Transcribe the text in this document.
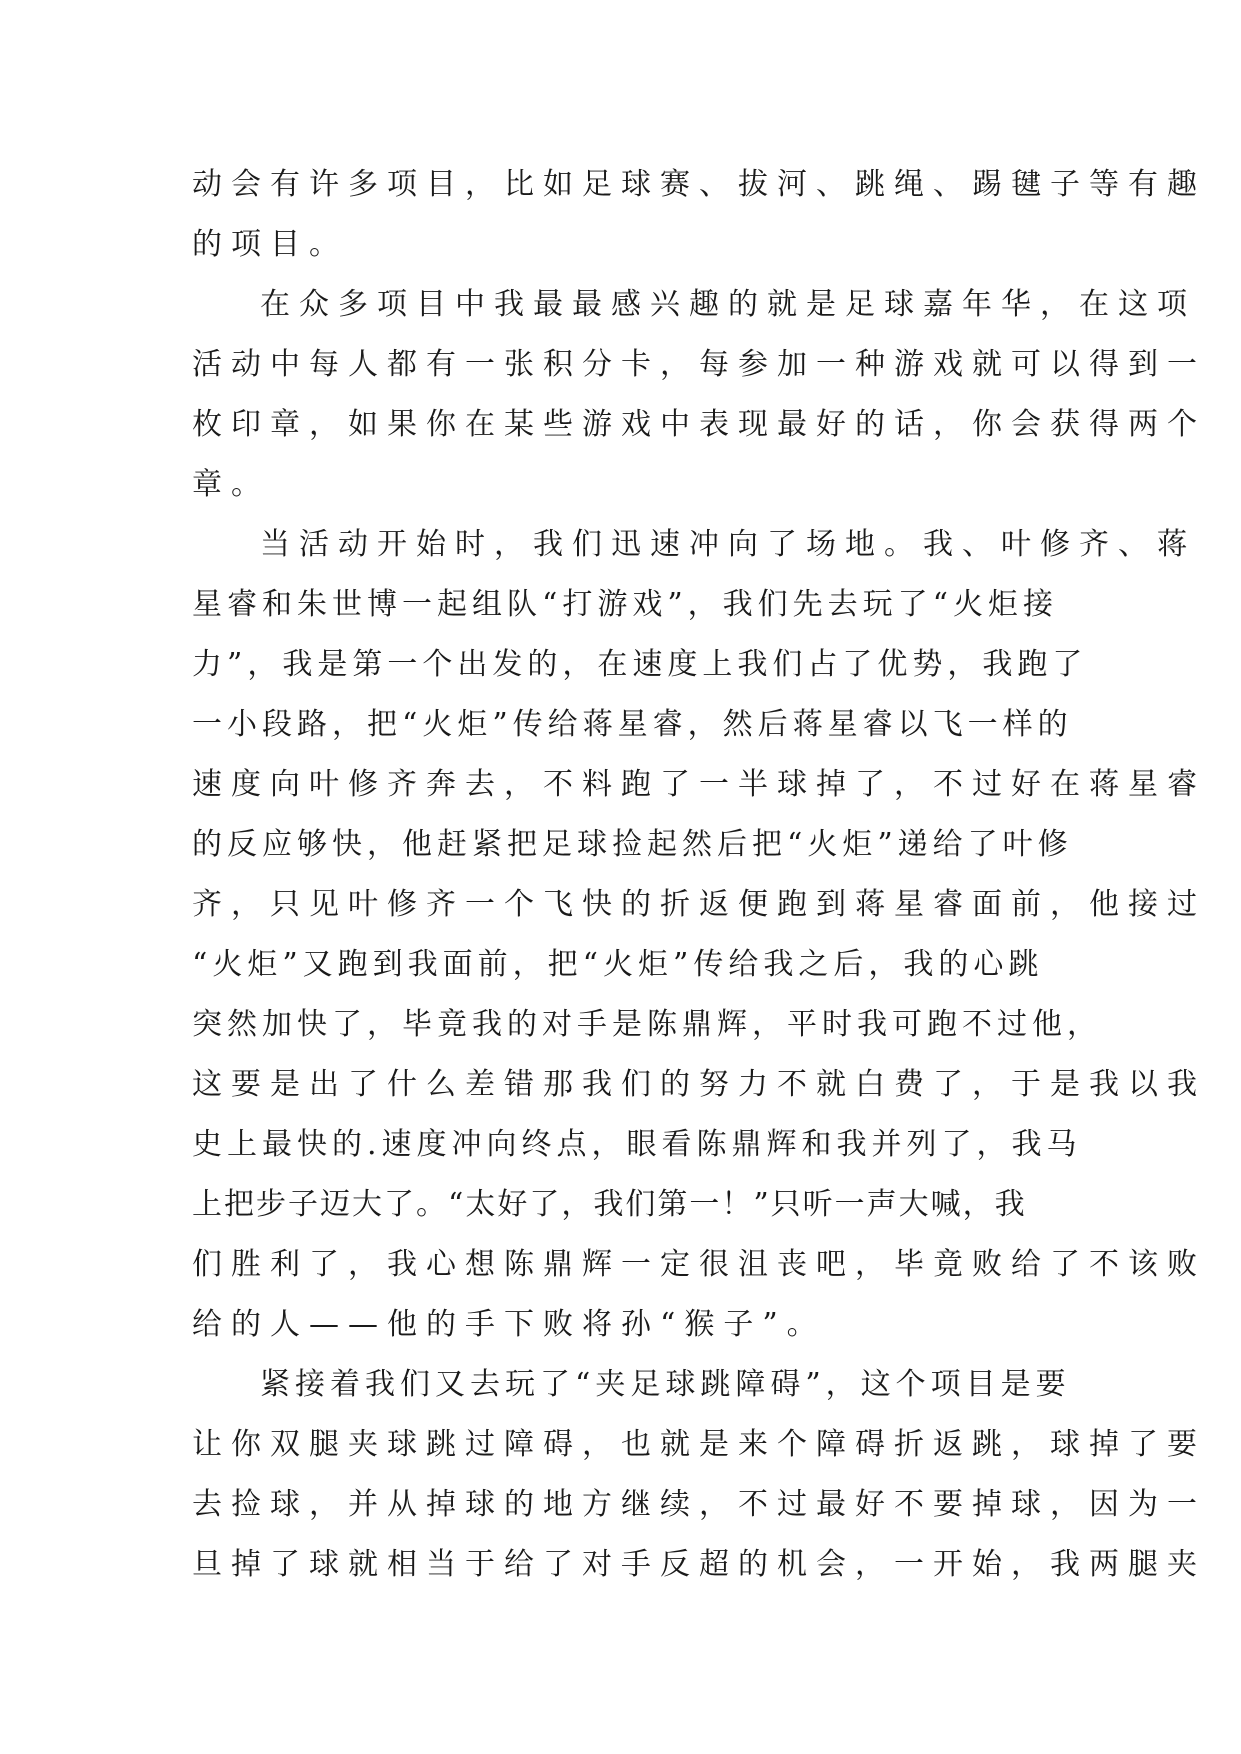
动会有许多项目，比如足球赛、拔河、跳绳、踢毽子等有趣
的项目。
在众多项目中我最最感兴趣的就是足球嘉年华，在这项
活动中每人都有一张积分卡，每参加一种游戏就可以得到一
枚印章，如果你在某些游戏中表现最好的话，你会获得两个
章。
当活动开始时，我们迅速冲向了场地。我、叶修齐、蒋
星睿和朱世博一起组队“打游戏”，我们先去玩了“火炬接
力”，我是第一个出发的，在速度上我们占了优势，我跑了
一小段路，把“火炬”传给蒋星睿，然后蒋星睿以飞一样的
速度向叶修齐奔去，不料跑了一半球掉了，不过好在蒋星睿
的反应够快，他赶紧把足球捡起然后把“火炬”递给了叶修
齐，只见叶修齐一个飞快的折返便跑到蒋星睿面前，他接过
“火炬”又跑到我面前，把“火炬”传给我之后，我的心跳
突然加快了，毕竟我的对手是陈鼎辉，平时我可跑不过他，
这要是出了什么差错那我们的努力不就白费了，于是我以我
史上最快的.速度冲向终点，眼看陈鼎辉和我并列了，我马
上把步子迈大了。“太好了，我们第一！”只听一声大喊，我
们胜利了，我心想陈鼎辉一定很沮丧吧，毕竟败给了不该败
给的人——他的手下败将孙“猴子”。
紧接着我们又去玩了“夹足球跳障碍”，这个项目是要
让你双腿夹球跳过障碍，也就是来个障碍折返跳，球掉了要
去捡球，并从掉球的地方继续，不过最好不要掉球，因为一
旦掉了球就相当于给了对手反超的机会，一开始，我两腿夹
